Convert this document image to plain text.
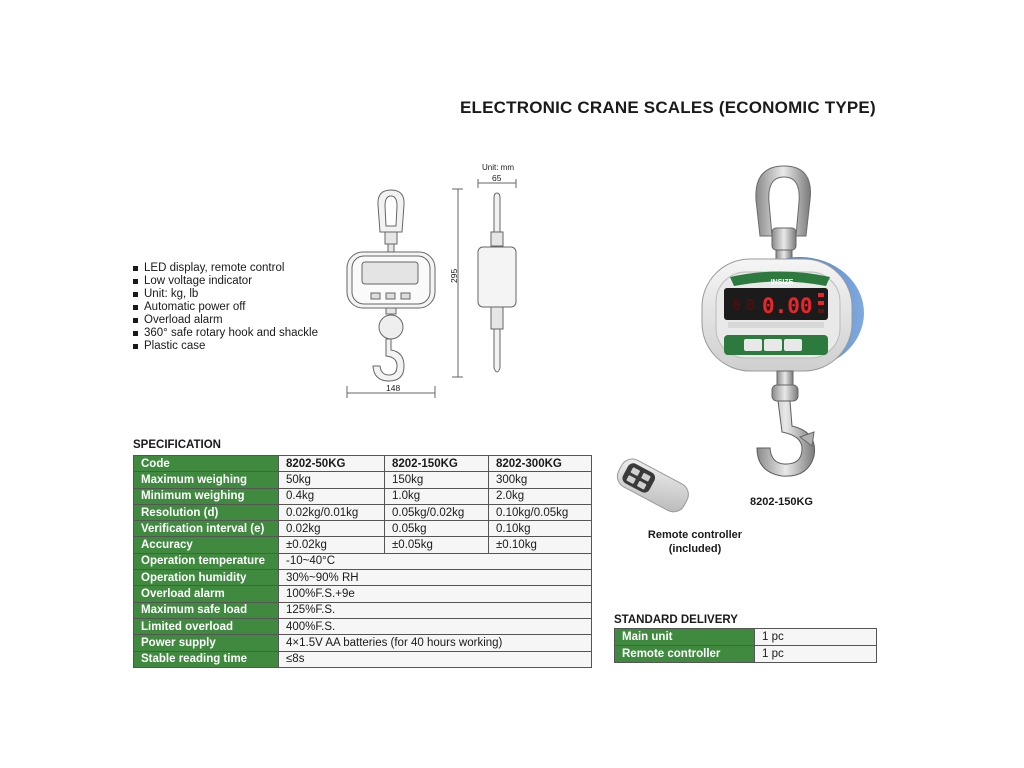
ELECTRONIC CRANE SCALES (ECONOMIC TYPE)
LED display, remote control
Low voltage indicator
Unit: kg, lb
Automatic power off
Overload alarm
360° safe rotary hook and shackle
Plastic case
Unit: mm
148
295
65
INSIZE
8 8 0.00
8202-150KG
Remote controller
(included)
SPECIFICATION
Code	8202-50KG	8202-150KG	8202-300KG
Maximum weighing	50kg	150kg	300kg
Minimum weighing	0.4kg	1.0kg	2.0kg
Resolution (d)	0.02kg/0.01kg	0.05kg/0.02kg	0.10kg/0.05kg
Verification interval (e)	0.02kg	0.05kg	0.10kg
Accuracy	±0.02kg	±0.05kg	±0.10kg
Operation temperature	-10~40°C		
Operation humidity	30%~90% RH		
Overload alarm	100%F.S.+9e		
Maximum safe load	125%F.S.		
Limited overload	400%F.S.		
Power supply	4×1.5V AA batteries (for 40 hours working)		
Stable reading time	≤8s		
STANDARD DELIVERY
Main unit	1 pc
Remote controller	1 pc
